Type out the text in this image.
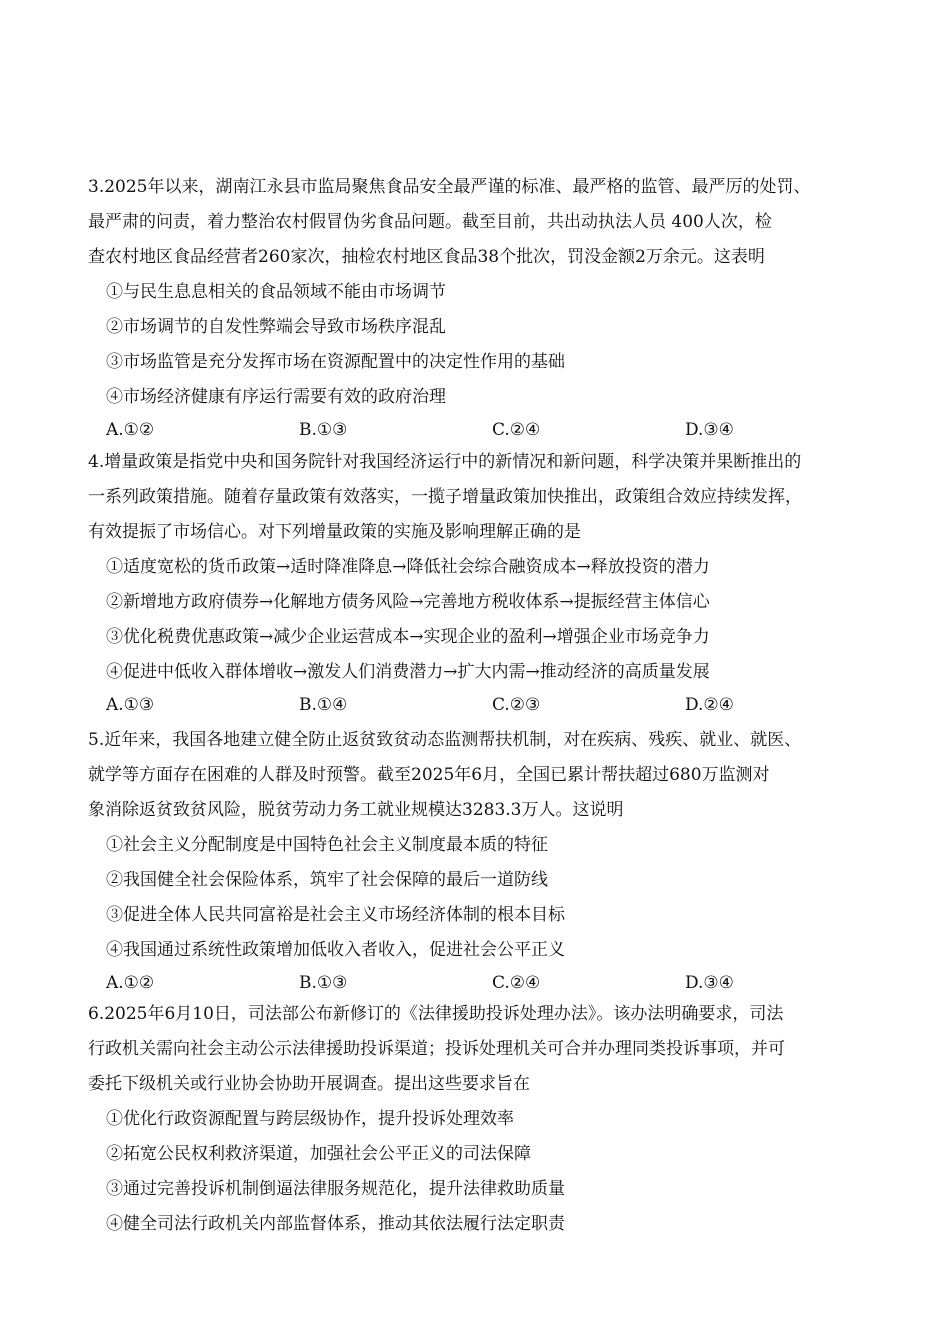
3.2025年以来，湖南江永县市监局聚焦食品安全最严谨的标准、最严格的监管、最严厉的处罚、
最严肃的问责，着力整治农村假冒伪劣食品问题。截至目前，共出动执法人员 400人次，检
查农村地区食品经营者260家次，抽检农村地区食品38个批次，罚没金额2万余元。这表明
①与民生息息相关的食品领域不能由市场调节
②市场调节的自发性弊端会导致市场秩序混乱
③市场监管是充分发挥市场在资源配置中的决定性作用的基础
④市场经济健康有序运行需要有效的政府治理
A.①②	B.①③	C.②④	D.③④
4.增量政策是指党中央和国务院针对我国经济运行中的新情况和新问题，科学决策并果断推出的
一系列政策措施。随着存量政策有效落实，一揽子增量政策加快推出，政策组合效应持续发挥，
有效提振了市场信心。对下列增量政策的实施及影响理解正确的是
①适度宽松的货币政策→适时降准降息→降低社会综合融资成本→释放投资的潜力
②新增地方政府债券→化解地方债务风险→完善地方税收体系→提振经营主体信心
③优化税费优惠政策→减少企业运营成本→实现企业的盈利→增强企业市场竞争力
④促进中低收入群体增收→激发人们消费潜力→扩大内需→推动经济的高质量发展
A.①③	B.①④	C.②③	D.②④
5.近年来，我国各地建立健全防止返贫致贫动态监测帮扶机制，对在疾病、残疾、就业、就医、
就学等方面存在困难的人群及时预警。截至2025年6月，全国已累计帮扶超过680万监测对
象消除返贫致贫风险，脱贫劳动力务工就业规模达3283.3万人。这说明
①社会主义分配制度是中国特色社会主义制度最本质的特征
②我国健全社会保险体系，筑牢了社会保障的最后一道防线
③促进全体人民共同富裕是社会主义市场经济体制的根本目标
④我国通过系统性政策增加低收入者收入，促进社会公平正义
A.①②	B.①③	C.②④	D.③④
6.2025年6月10日，司法部公布新修订的《法律援助投诉处理办法》。该办法明确要求，司法
行政机关需向社会主动公示法律援助投诉渠道；投诉处理机关可合并办理同类投诉事项，并可
委托下级机关或行业协会协助开展调查。提出这些要求旨在
①优化行政资源配置与跨层级协作，提升投诉处理效率
②拓宽公民权利救济渠道，加强社会公平正义的司法保障
③通过完善投诉机制倒逼法律服务规范化，提升法律救助质量
④健全司法行政机关内部监督体系，推动其依法履行法定职责
